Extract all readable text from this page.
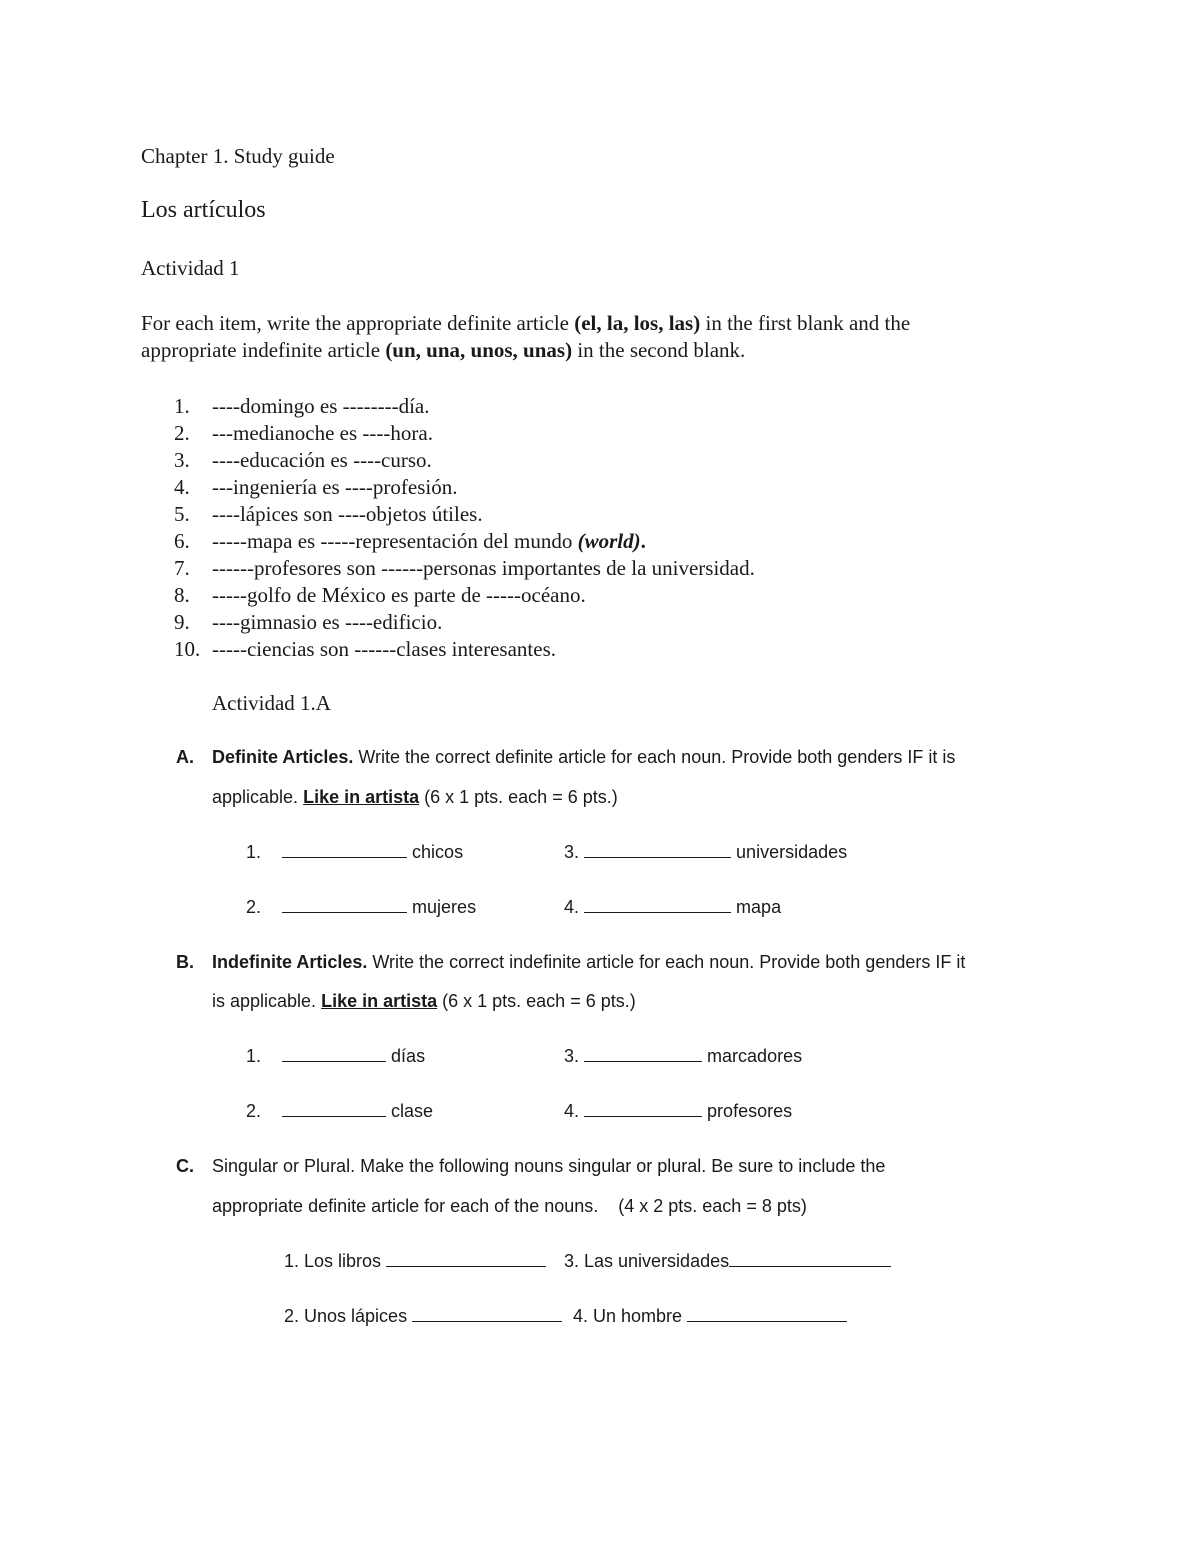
Chapter 1. Study guide
Los artículos
Actividad 1
For each item, write the appropriate definite article (el, la, los, las) in the first blank and the
appropriate indefinite article (un, una, unos, unas) in the second blank.
1. ----domingo es --------día.
2. ---medianoche es ----hora.
3. ----educación es ----curso.
4. ---ingeniería es ----profesión.
5. ----lápices son ----objetos útiles.
6. -----mapa es -----representación del mundo (world).
7. ------profesores son ------personas importantes de la universidad.
8. -----golfo de México es parte de -----océano.
9. ----gimnasio es ----edificio.
10. -----ciencias son ------clases interesantes.
Actividad 1.A
A. Definite Articles. Write the correct definite article for each noun. Provide both genders IF it is
applicable. Like in artista (6 x 1 pts. each = 6 pts.)
1.	chicos	3.	universidades
2.	mujeres	4.	mapa
B. Indefinite Articles. Write the correct indefinite article for each noun. Provide both genders IF it
is applicable. Like in artista (6 x 1 pts. each = 6 pts.)
1.	días	3.	marcadores
2.	clase	4.	profesores
C. Singular or Plural. Make the following nouns singular or plural. Be sure to include the
appropriate definite article for each of the nouns.    (4 x 2 pts. each = 8 pts)
1. Los libros	3. Las universidades
2. Unos lápices	4. Un hombre
